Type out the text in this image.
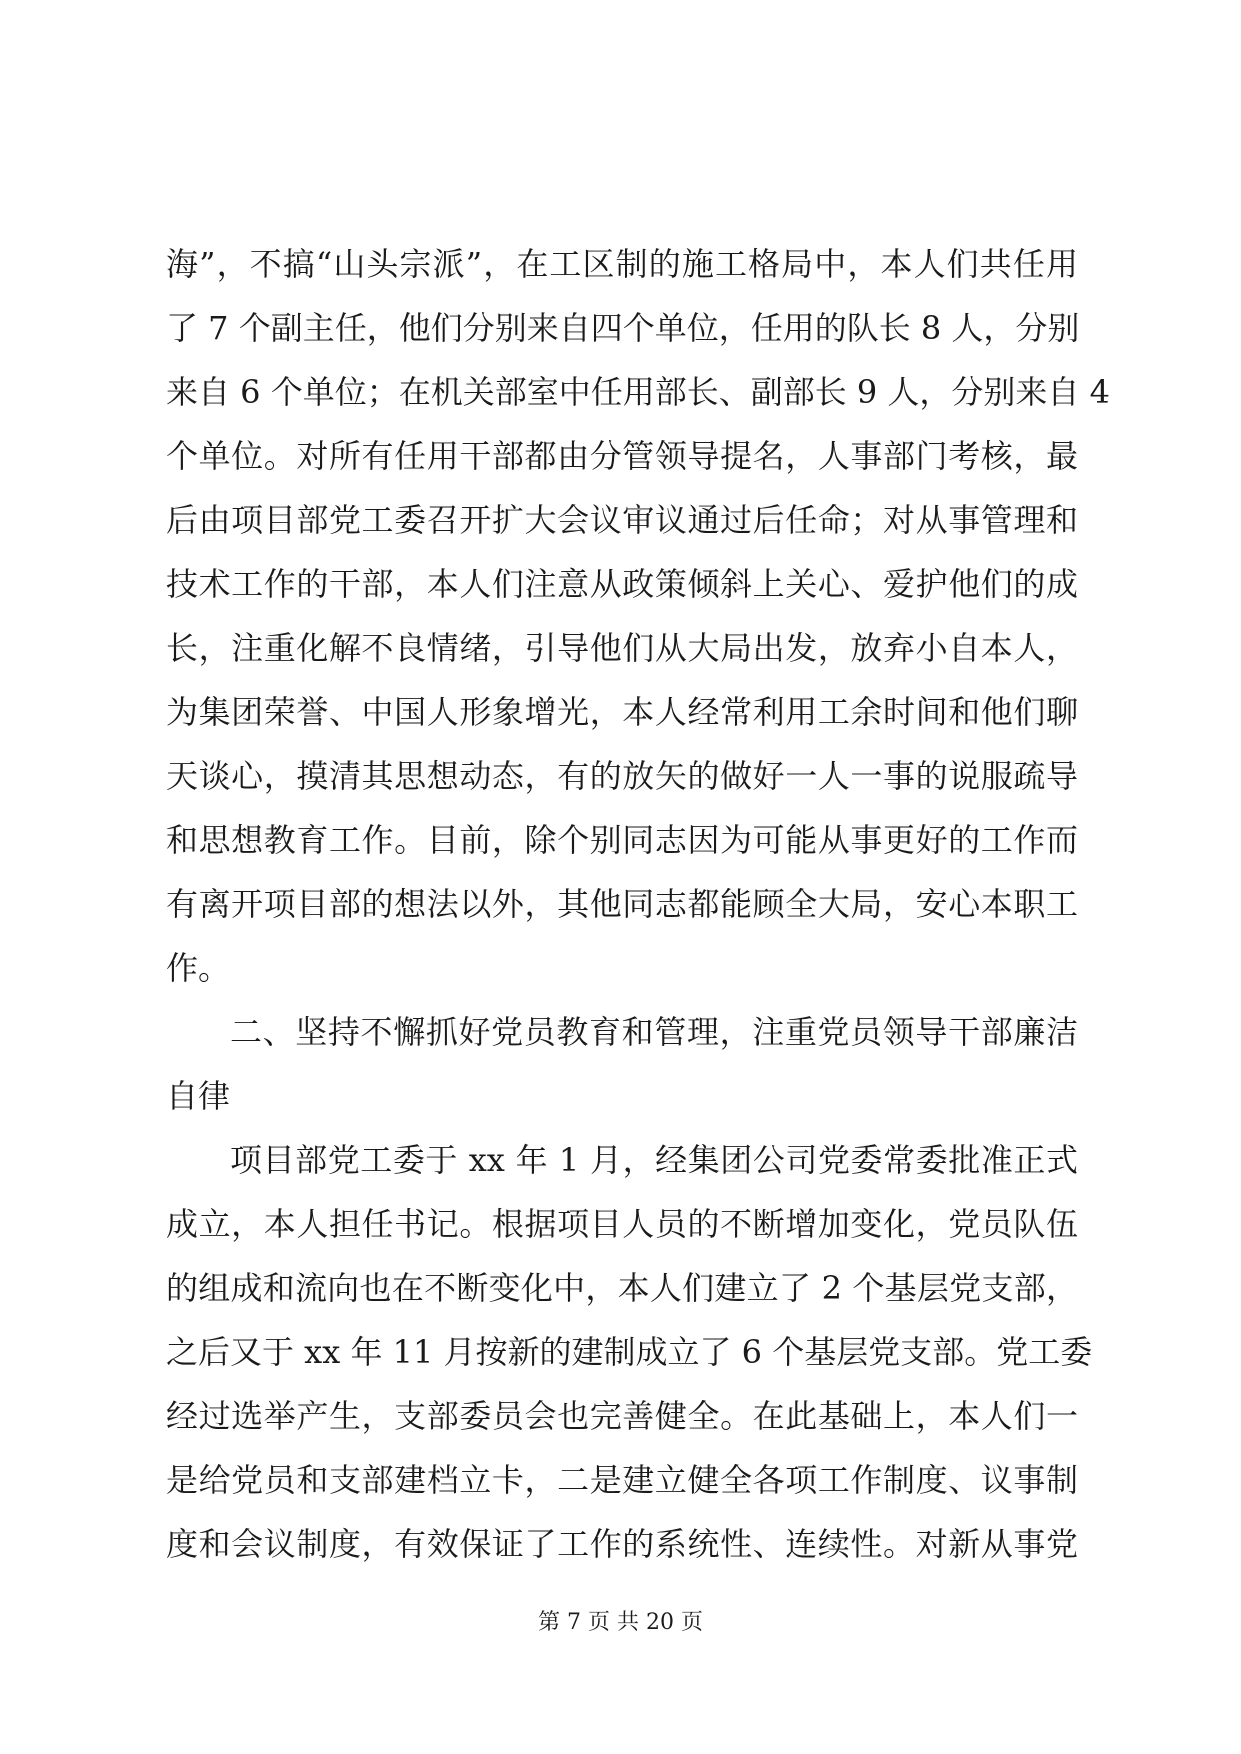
海”，不搞“山头宗派”，在工区制的施工格局中，本人们共任用
了 7 个副主任，他们分别来自四个单位，任用的队长 8 人，分别
来自 6 个单位；在机关部室中任用部长、副部长 9 人，分别来自 4
个单位。对所有任用干部都由分管领导提名，人事部门考核，最
后由项目部党工委召开扩大会议审议通过后任命；对从事管理和
技术工作的干部，本人们注意从政策倾斜上关心、爱护他们的成
长，注重化解不良情绪，引导他们从大局出发，放弃小自本人，
为集团荣誉、中国人形象增光，本人经常利用工余时间和他们聊
天谈心，摸清其思想动态，有的放矢的做好一人一事的说服疏导
和思想教育工作。目前，除个别同志因为可能从事更好的工作而
有离开项目部的想法以外，其他同志都能顾全大局，安心本职工
作。
二、坚持不懈抓好党员教育和管理，注重党员领导干部廉洁
自律
项目部党工委于 xx 年 1 月，经集团公司党委常委批准正式
成立，本人担任书记。根据项目人员的不断增加变化，党员队伍
的组成和流向也在不断变化中，本人们建立了 2 个基层党支部，
之后又于 xx 年 11 月按新的建制成立了 6 个基层党支部。党工委
经过选举产生，支部委员会也完善健全。在此基础上，本人们一
是给党员和支部建档立卡，二是建立健全各项工作制度、议事制
度和会议制度，有效保证了工作的系统性、连续性。对新从事党
第 7 页 共 20 页
